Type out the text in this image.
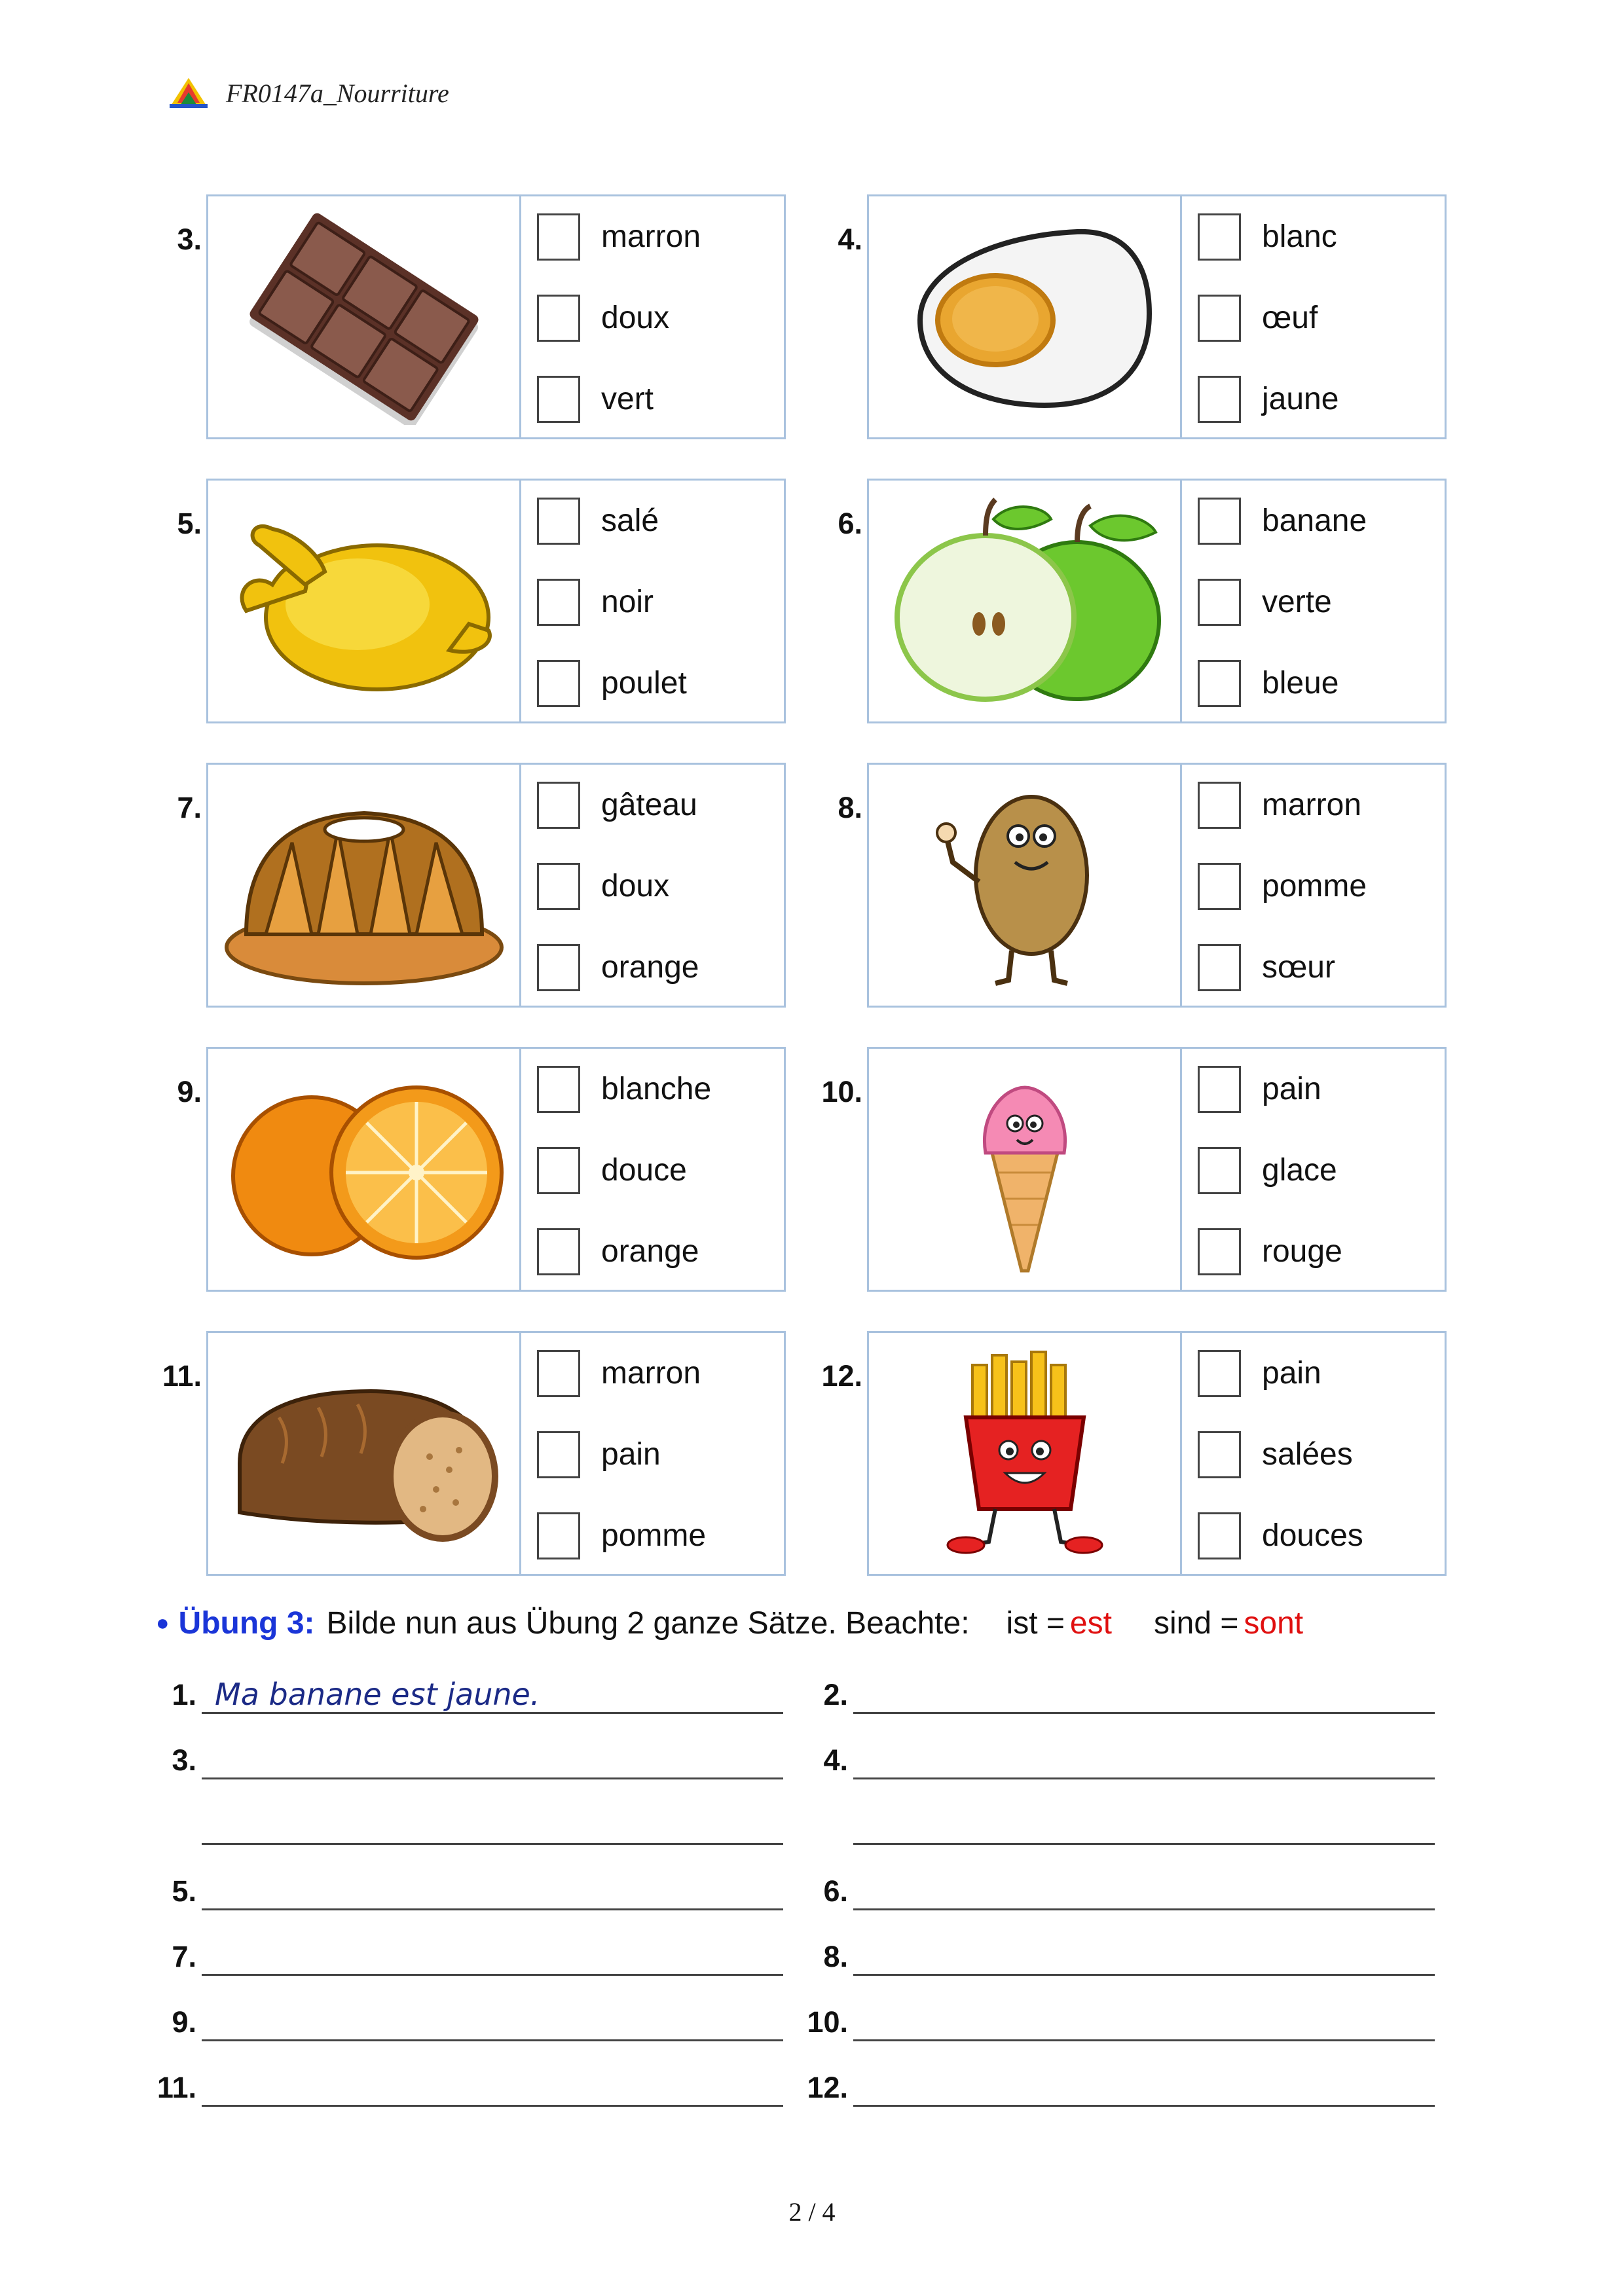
FR0147a_Nourriture
3.	marron
doux
vert
4.	blanc
œuf
jaune
5.	salé
noir
poulet
6.	banane
verte
bleue
7.	gâteau
doux
orange
8.	marron
pomme
sœur
9.	blanche
douce
orange
10.	pain
glace
rouge
11.	marron
pain
pomme
12.	pain
salées
douces
● Übung 3: Bilde nun aus Übung 2 ganze Sätze. Beachte: ist = est sind = sont
1. Ma banane est jaune.	2.
3.	4.
5.	6.
7.	8.
9.	10.
11.	12.
2 / 4
